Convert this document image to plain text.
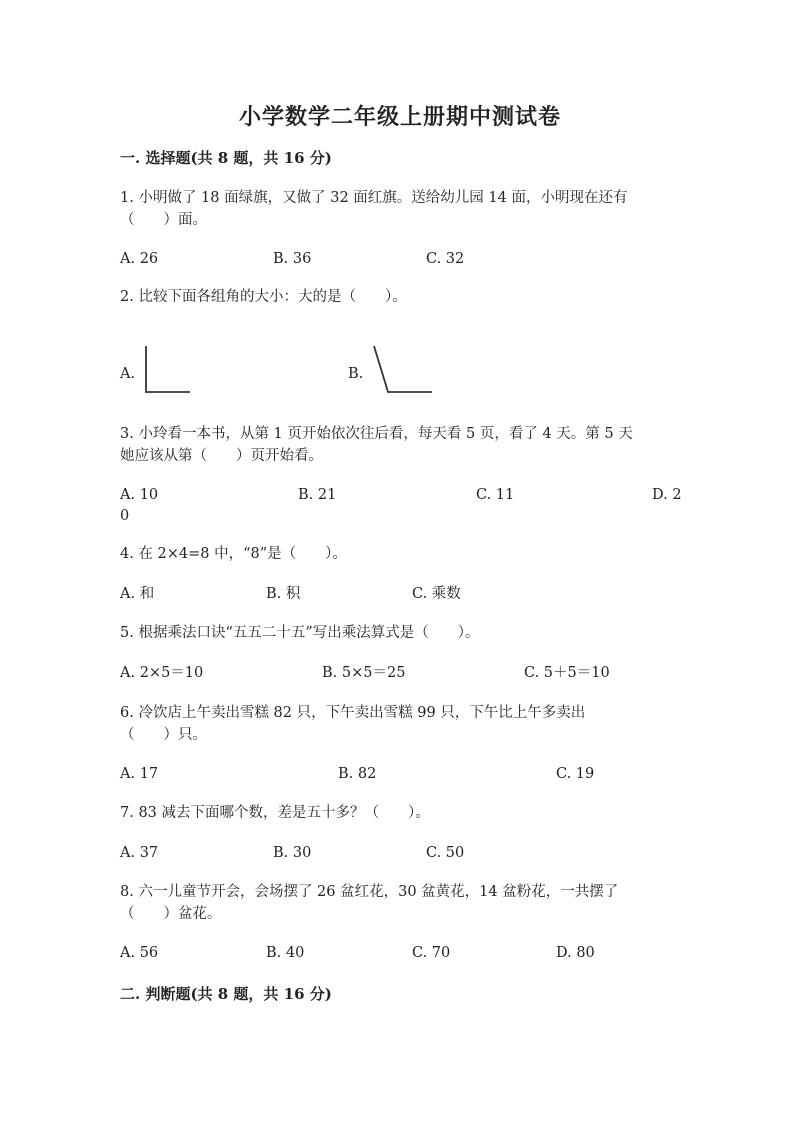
小学数学二年级上册期中测试卷
一. 选择题(共 8 题，共 16 分)
1. 小明做了 18 面绿旗，又做了 32 面红旗。送给幼儿园 14 面，小明现在还有
（　　）面。
A. 26	B. 36	C. 32
2. 比较下面各组角的大小：大的是（　　）。
A.	B.
3. 小玲看一本书，从第 1 页开始依次往后看，每天看 5 页，看了 4 天。第 5 天
她应该从第（　　）页开始看。
A. 10	B. 21	C. 11	D. 2
0
4. 在 2×4=8 中，“8”是（　　）。
A. 和	B. 积	C. 乘数
5. 根据乘法口诀“五五二十五”写出乘法算式是（　　）。
A. 2×5＝10	B. 5×5＝25	C. 5＋5＝10
6. 冷饮店上午卖出雪糕 82 只，下午卖出雪糕 99 只，下午比上午多卖出
（　　）只。
A. 17	B. 82	C. 19
7. 83 减去下面哪个数，差是五十多？（　　）。
A. 37	B. 30	C. 50
8. 六一儿童节开会，会场摆了 26 盆红花，30 盆黄花，14 盆粉花，一共摆了
（　　）盆花。
A. 56	B. 40	C. 70	D. 80
二. 判断题(共 8 题，共 16 分)
